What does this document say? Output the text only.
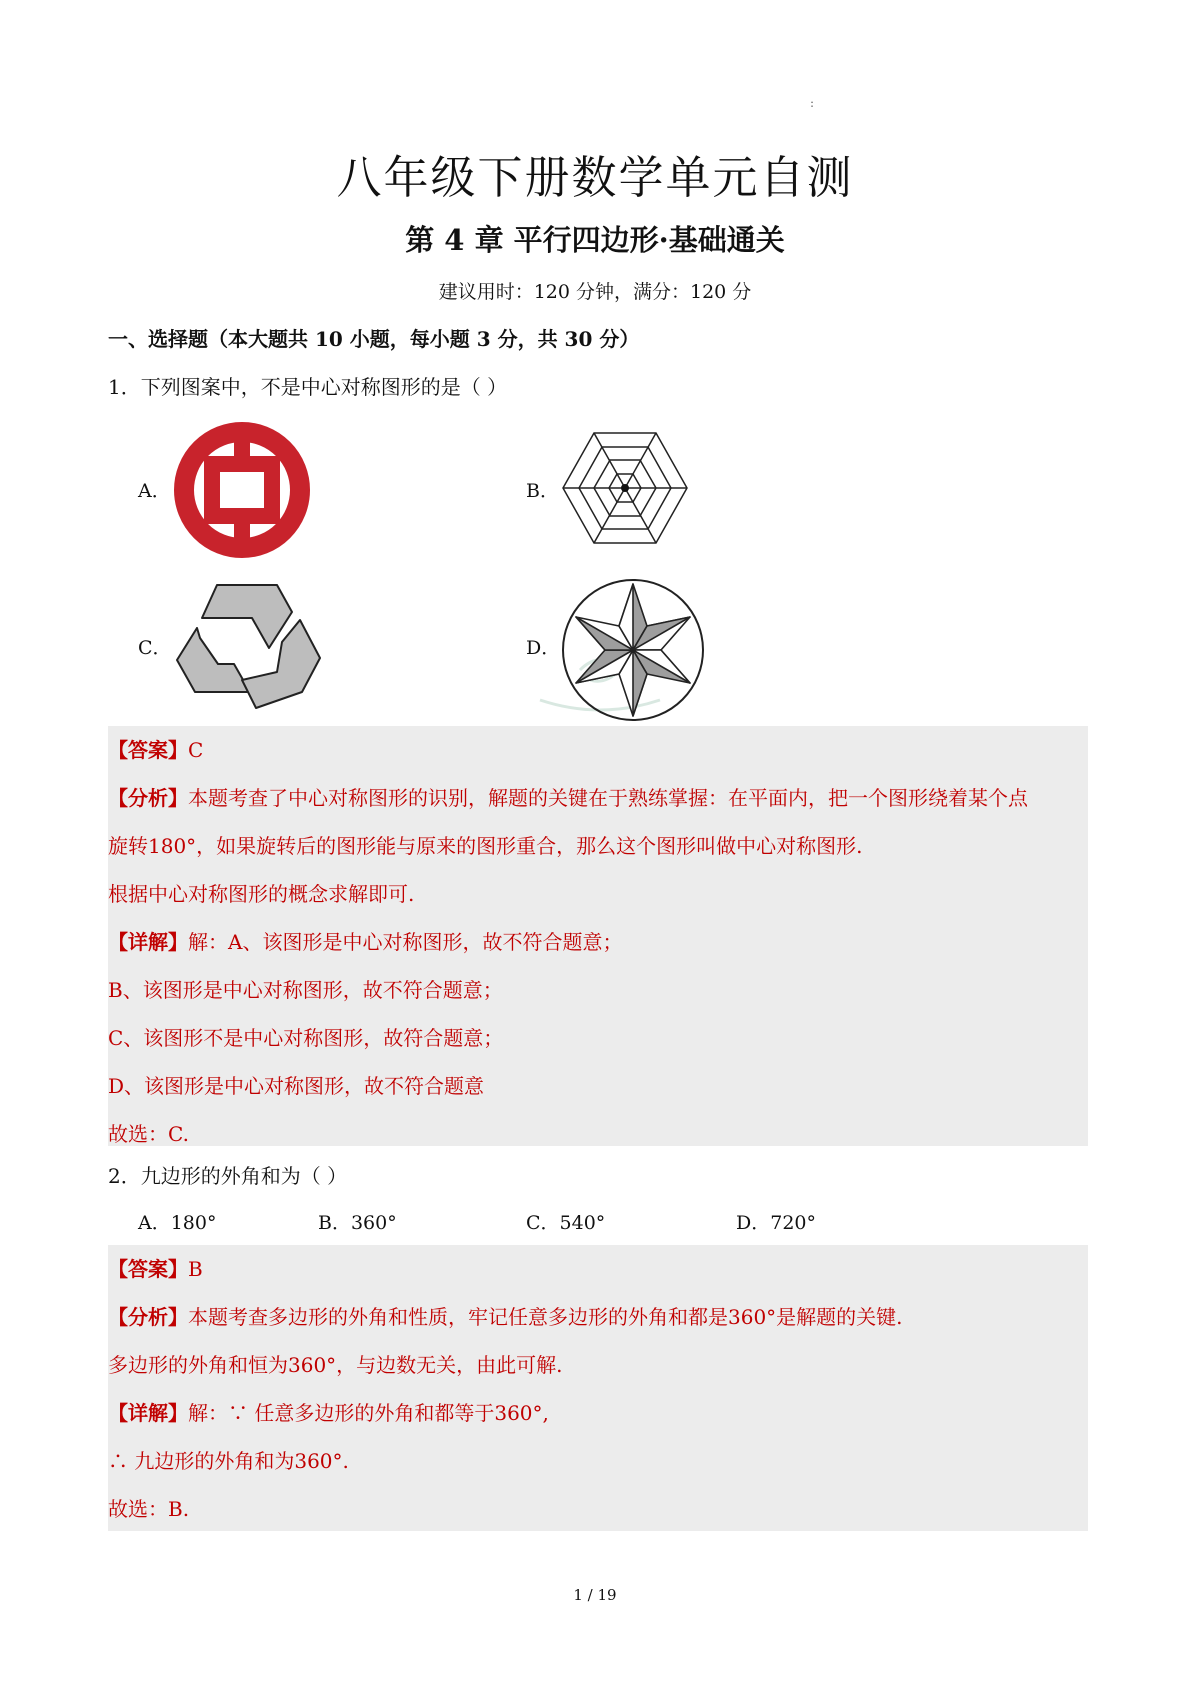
:
八年级下册数学单元自测
第 4 章 平行四边形·基础通关
建议用时：120 分钟，满分：120 分
一、选择题（本大题共 10 小题，每小题 3 分，共 30 分）
1．下列图案中，不是中心对称图形的是（ ）
A．	B．
C．	D．
【答案】C
【分析】本题考查了中心对称图形的识别，解题的关键在于熟练掌握：在平面内，把一个图形绕着某个点
旋转180°，如果旋转后的图形能与原来的图形重合，那么这个图形叫做中心对称图形.
根据中心对称图形的概念求解即可.
【详解】解：A、该图形是中心对称图形，故不符合题意；
B、该图形是中心对称图形，故不符合题意；
C、该图形不是中心对称图形，故符合题意；
D、该图形是中心对称图形，故不符合题意
故选：C.
2．九边形的外角和为（ ）
A．180°	B．360°	C．540°	D．720°
【答案】B
【分析】本题考查多边形的外角和性质，牢记任意多边形的外角和都是360°是解题的关键.
多边形的外角和恒为360°，与边数无关，由此可解.
【详解】解：∵ 任意多边形的外角和都等于360°,
∴ 九边形的外角和为360°.
故选：B.
1 / 19
